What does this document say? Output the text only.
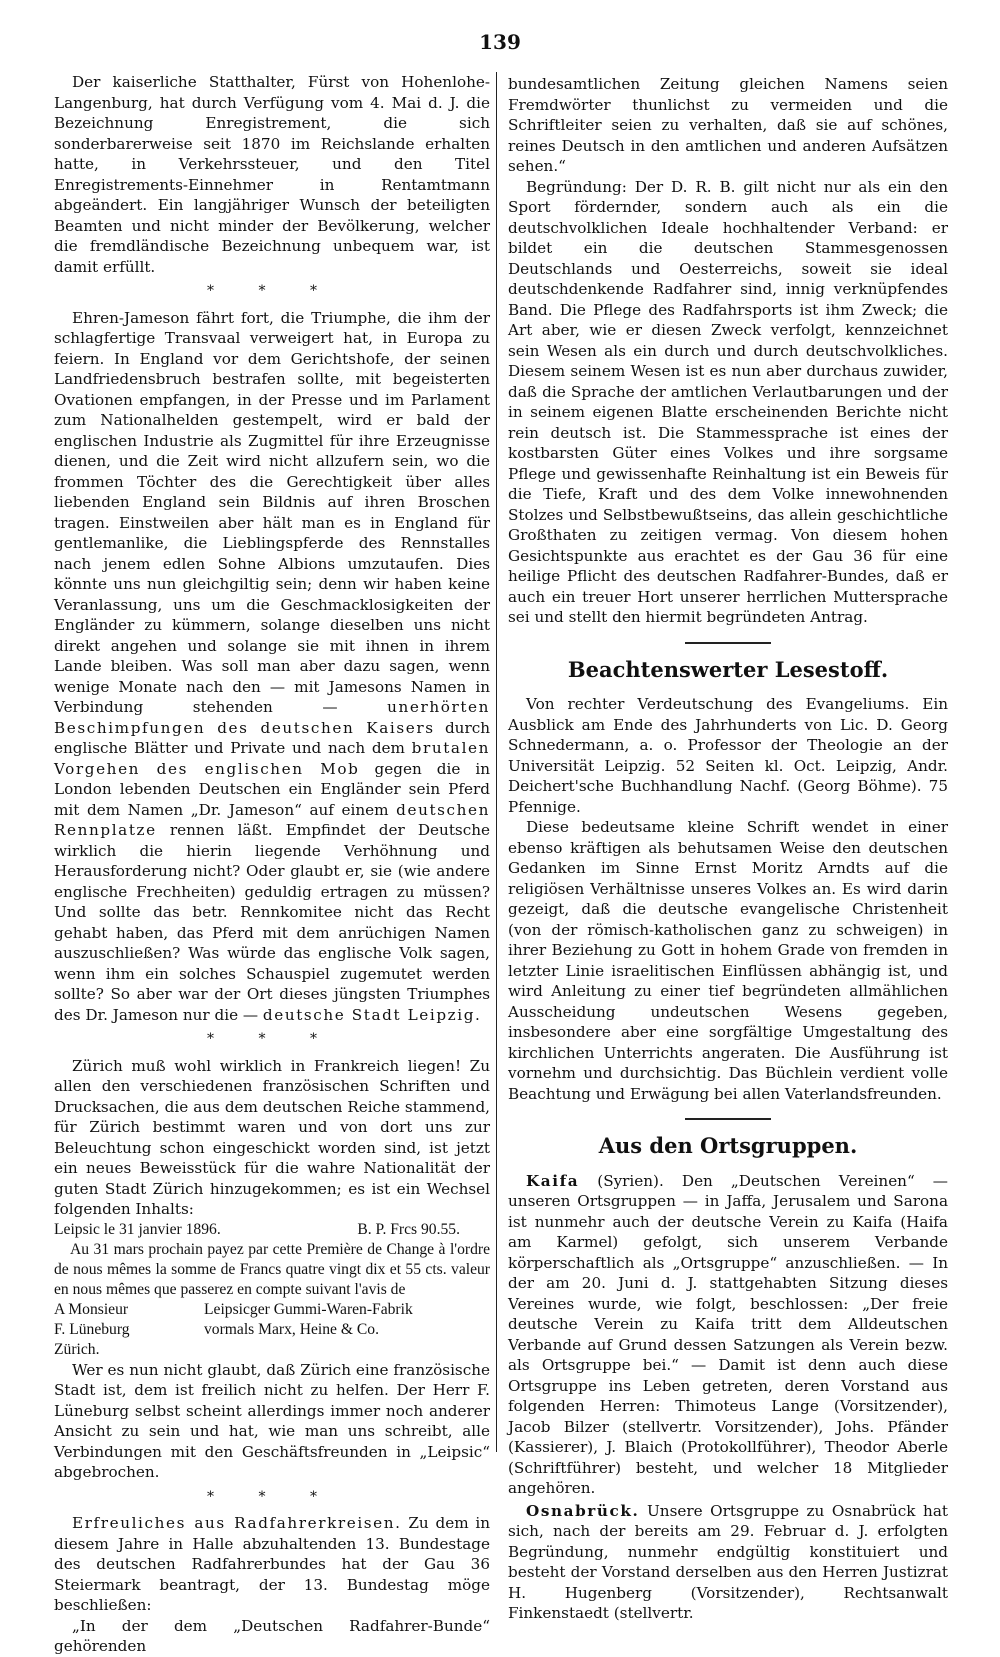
139

Der kaiserliche Statthalter, Fürst von Hohenlohe-Langenburg, hat durch Verfügung vom 4. Mai d. J. die Bezeichnung Enregistrement, die sich sonderbarerweise seit 1870 im Reichslande erhalten hatte, in Verkehrssteuer, und den Titel Enregistrements-Einnehmer in Rentamtmann abgeändert. Ein langjähriger Wunsch der beteiligten Beamten und nicht minder der Bevölkerung, welcher die fremdländische Bezeichnung unbequem war, ist damit erfüllt.

* * *

Ehren-Jameson fährt fort, die Triumphe, die ihm der schlagfertige Transvaal verweigert hat, in Europa zu feiern. In England vor dem Gerichtshofe, der seinen Landfriedensbruch bestrafen sollte, mit begeisterten Ovationen empfangen, in der Presse und im Parlament zum Nationalhelden gestempelt, wird er bald der englischen Industrie als Zugmittel für ihre Erzeugnisse dienen, und die Zeit wird nicht allzufern sein, wo die frommen Töchter des die Gerechtigkeit über alles liebenden England sein Bildnis auf ihren Broschen tragen. Einstweilen aber hält man es in England für gentlemanlike, die Lieblingspferde des Rennstalles nach jenem edlen Sohne Albions umzutaufen. Dies könnte uns nun gleichgiltig sein; denn wir haben keine Veranlassung, uns um die Geschmacklosigkeiten der Engländer zu kümmern, solange dieselben uns nicht direkt angehen und solange sie mit ihnen in ihrem Lande bleiben. Was soll man aber dazu sagen, wenn wenige Monate nach den — mit Jamesons Namen in Verbindung stehenden —	unerhörten Beschimpfungen des deutschen Kaisers durch englische Blätter und Private und nach dem brutalen Vorgehen des englischen Mob gegen die in London lebenden Deutschen ein Engländer sein Pferd mit dem Namen „Dr. Jameson“ auf einem deutschen Rennplatze rennen läßt. Empfindet der Deutsche wirklich die hierin liegende Verhöhnung und Herausforderung nicht? Oder glaubt er, sie (wie andere englische Frechheiten) geduldig ertragen zu müssen? Und sollte das betr. Rennkomitee nicht das Recht gehabt haben, das Pferd mit dem anrüchigen Namen auszuschließen? Was würde das englische Volk sagen, wenn ihm ein solches Schauspiel zugemutet werden sollte? So aber war der Ort dieses jüngsten Triumphes des Dr. Jameson nur die — deutsche Stadt Leipzig.

* * *

Zürich muß wohl wirklich in Frankreich liegen! Zu allen den verschiedenen französischen Schriften und Drucksachen, die aus dem deutschen Reiche stammend, für Zürich bestimmt waren und von dort uns zur Beleuchtung schon eingeschickt worden sind, ist jetzt ein neues Beweisstück für die wahre Nationalität der guten Stadt Zürich hinzugekommen; es ist ein Wechsel folgenden Inhalts:

Leipsic le 31 janvier 1896.	B. P. Frcs 90.55.

Au 31 mars prochain payez par cette Première de Change à l'ordre de nous mêmes la somme de Francs quatre vingt dix et 55 cts. valeur en nous mêmes que passerez en compte suivant l'avis de

A Monsieur	Leipsicger Gummi-Waren-Fabrik
F. Lüneburg	vormals Marx, Heine & Co.
Zürich.

Wer es nun nicht glaubt, daß Zürich eine französische Stadt ist, dem ist freilich nicht zu helfen. Der Herr F. Lüneburg selbst scheint allerdings immer noch anderer Ansicht zu sein und hat, wie man uns schreibt, alle Verbindungen mit den Geschäftsfreunden in „Leipsic“ abgebrochen.

* * *

Erfreuliches aus Radfahrerkreisen. Zu dem in diesem Jahre in Halle abzuhaltenden 13. Bundestage des deutschen Radfahrerbundes hat der Gau 36 Steiermark beantragt, der 13. Bundestag möge beschließen:

„In der dem „Deutschen Radfahrer-Bunde“ gehörenden

bundesamtlichen Zeitung gleichen Namens seien Fremdwörter thunlichst zu vermeiden und die Schriftleiter seien zu verhalten, daß sie auf schönes, reines Deutsch in den amtlichen und anderen Aufsätzen sehen.“

Begründung: Der D. R. B. gilt nicht nur als ein den Sport fördernder, sondern auch als ein die deutschvolklichen Ideale hochhaltender Verband: er bildet ein die deutschen Stammesgenossen Deutschlands und Oesterreichs, soweit sie ideal deutschdenkende Radfahrer sind, innig verknüpfendes Band. Die Pflege des Radfahrsports ist ihm Zweck; die Art aber, wie er diesen Zweck verfolgt, kennzeichnet sein Wesen als ein durch und durch deutschvolkliches. Diesem seinem Wesen ist es nun aber durchaus zuwider, daß die Sprache der amtlichen Verlautbarungen und der in seinem eigenen Blatte erscheinenden Berichte nicht rein deutsch ist. Die Stammessprache ist eines der kostbarsten Güter eines Volkes und ihre sorgsame Pflege und gewissenhafte Reinhaltung ist ein Beweis für die Tiefe, Kraft und des dem Volke innewohnenden Stolzes und Selbstbewußtseins, das allein geschichtliche Großthaten zu zeitigen vermag. Von diesem hohen Gesichtspunkte aus erachtet es der Gau 36 für eine heilige Pflicht des deutschen Radfahrer-Bundes, daß er auch ein treuer Hort unserer herrlichen Muttersprache sei und stellt den hiermit begründeten Antrag.

Beachtenswerter Lesestoff.

Von rechter Verdeutschung des Evangeliums. Ein Ausblick am Ende des Jahrhunderts von Lic. D. Georg Schnedermann, a. o. Professor der Theologie an der Universität Leipzig. 52 Seiten kl. Oct. Leipzig, Andr. Deichert'sche Buchhandlung Nachf. (Georg Böhme). 75 Pfennige.

Diese bedeutsame kleine Schrift wendet in einer ebenso kräftigen als behutsamen Weise den deutschen Gedanken im Sinne Ernst Moritz Arndts auf die religiösen Verhältnisse unseres Volkes an. Es wird darin gezeigt, daß die deutsche evangelische Christenheit (von der römisch-katholischen ganz zu schweigen) in ihrer Beziehung zu Gott in hohem Grade von fremden in letzter Linie israelitischen Einflüssen abhängig ist, und wird Anleitung zu einer tief begründeten allmählichen Ausscheidung undeutschen Wesens gegeben, insbesondere aber eine sorgfältige Umgestaltung des kirchlichen Unterrichts angeraten. Die Ausführung ist vornehm und durchsichtig. Das Büchlein verdient volle Beachtung und Erwägung bei allen Vaterlandsfreunden.

Aus den Ortsgruppen.

Kaifa (Syrien). Den „Deutschen Vereinen“ — unseren Ortsgruppen — in Jaffa, Jerusalem und Sarona ist nunmehr auch der deutsche Verein zu Kaifa (Haifa am Karmel) gefolgt, sich unserem Verbande körperschaftlich als „Ortsgruppe“ anzuschließen. — In der am 20. Juni d. J. stattgehabten Sitzung dieses Vereines wurde, wie folgt, beschlossen: „Der freie deutsche Verein zu Kaifa tritt dem Alldeutschen Verbande auf Grund dessen Satzungen als Verein bezw. als Ortsgruppe bei.“ — Damit ist denn auch diese Ortsgruppe ins Leben getreten, deren Vorstand aus folgenden Herren: Thimoteus Lange (Vorsitzender), Jacob Bilzer (stellvertr. Vorsitzender), Johs. Pfänder (Kassierer), J. Blaich (Protokollführer), Theodor Aberle (Schriftführer) besteht, und welcher 18 Mitglieder angehören.

Osnabrück. Unsere Ortsgruppe zu Osnabrück hat sich, nach der bereits am 29. Februar d. J. erfolgten Begründung, nunmehr endgültig konstituiert und besteht der Vorstand derselben aus den Herren Justizrat H. Hugenberg (Vorsitzender), Rechtsanwalt Finkenstaedt (stellvertr.
